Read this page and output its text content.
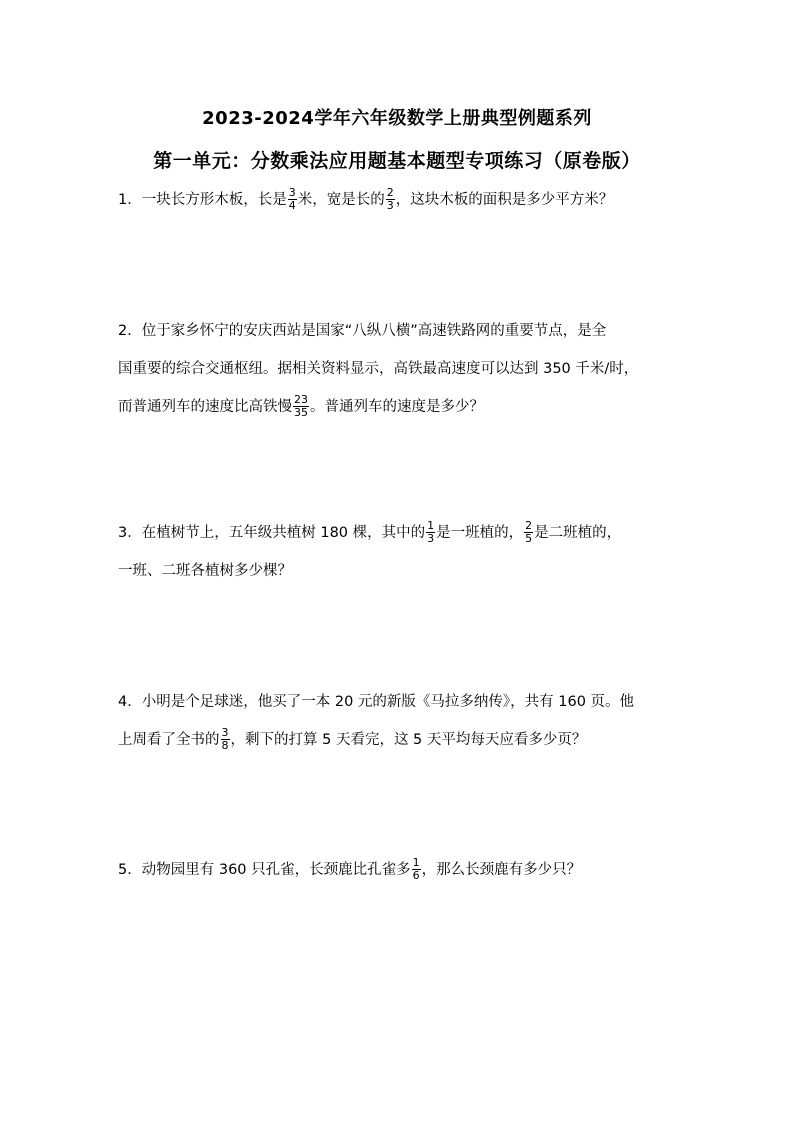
2023-2024学年六年级数学上册典型例题系列
第一单元：分数乘法应用题基本题型专项练习（原卷版）
1．一块长方形木板，长是 $\frac{3}{4}$ 米，宽是长的 $\frac{2}{3}$ ，这块木板的面积是多少平方米？
2．位于家乡怀宁的安庆西站是国家“八纵八横”高速铁路网的重要节点，是全
国重要的综合交通枢纽。据相关资料显示，高铁最高速度可以达到 350 千米/时，
而普通列车的速度比高铁慢 $\frac{23}{35}$ 。普通列车的速度是多少？
3．在植树节上，五年级共植树 180 棵，其中的 $\frac{1}{3}$ 是一班植的， $\frac{2}{5}$ 是二班植的，
一班、二班各植树多少棵？
4．小明是个足球迷，他买了一本 20 元的新版《马拉多纳传》，共有 160 页。他
上周看了全书的 $\frac{3}{8}$ ，剩下的打算 5 天看完，这 5 天平均每天应看多少页？
5．动物园里有 360 只孔雀，长颈鹿比孔雀多 $\frac{1}{6}$ ，那么长颈鹿有多少只？
